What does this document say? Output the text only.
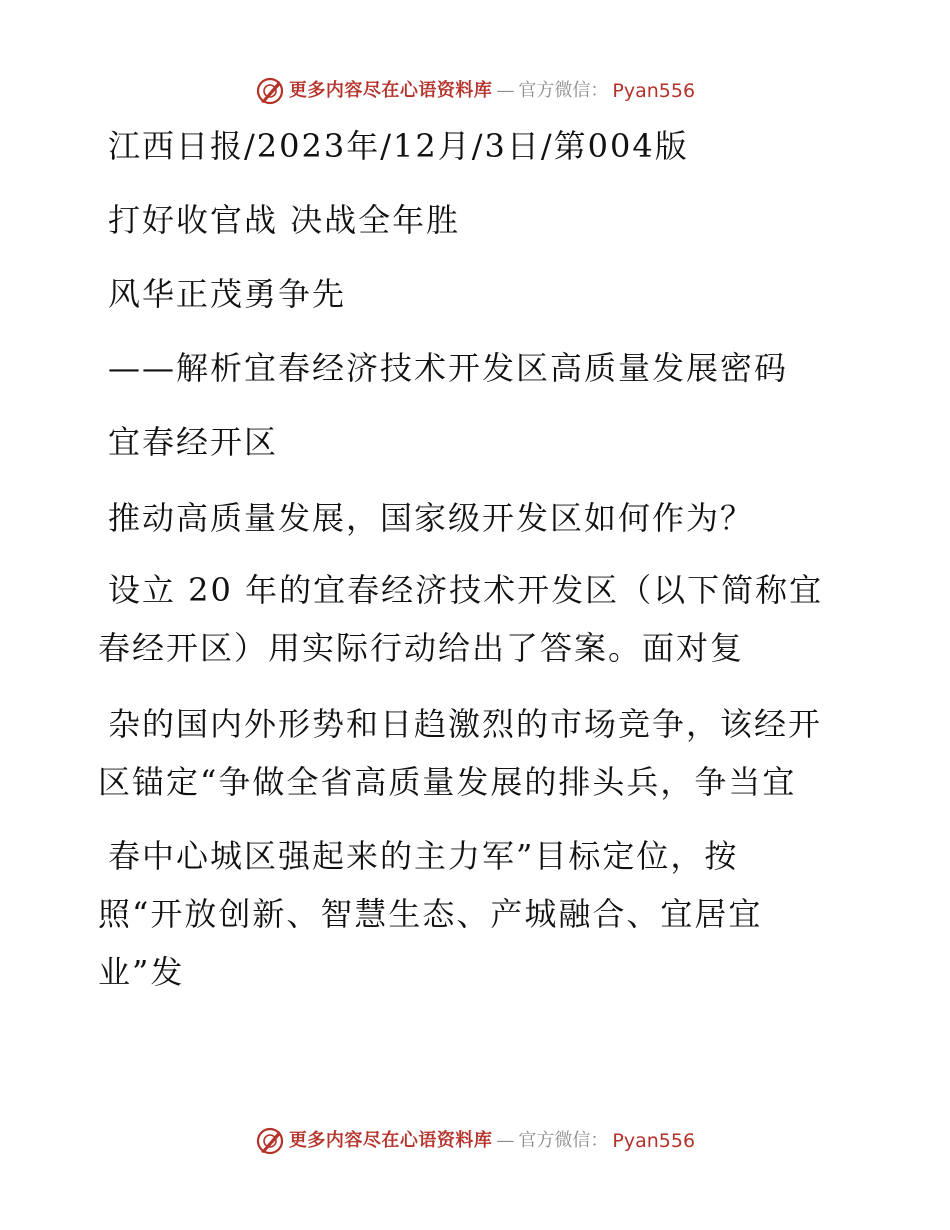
更多内容尽在心语资料库 — 官方微信： Pyan556

江西日报/2023年/12月/3日/第004版

打好收官战 决战全年胜

风华正茂勇争先

——解析宜春经济技术开发区高质量发展密码

宜春经开区

推动高质量发展，国家级开发区如何作为？

设立 20 年的宜春经济技术开发区（以下简称宜

春经开区）用实际行动给出了答案。面对复

杂的国内外形势和日趋激烈的市场竞争，该经开

区锚定“争做全省高质量发展的排头兵，争当宜

春中心城区强起来的主力军”目标定位，按

照“开放创新、智慧生态、产城融合、宜居宜

业”发

更多内容尽在心语资料库 — 官方微信： Pyan556
